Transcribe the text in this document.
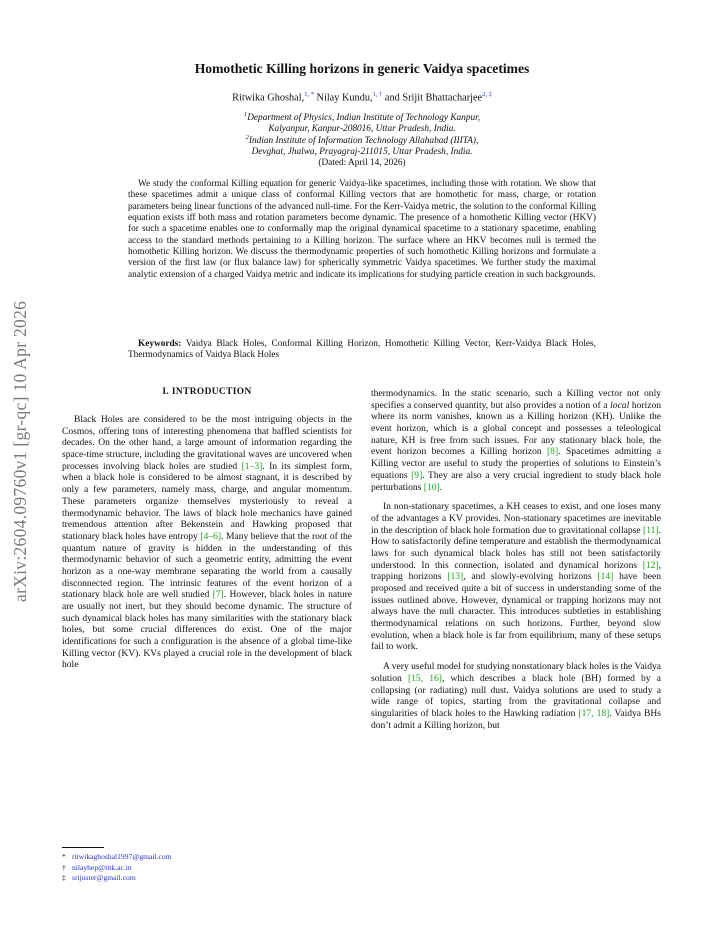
arXiv:2604.09760v1 [gr-qc] 10 Apr 2026
Homothetic Killing horizons in generic Vaidya spacetimes
Ritwika Ghoshal,$^{1, *}$ Nilay Kundu,$^{1, \dagger}$ and Srijit Bhattacharjee$^{2, \ddagger}$
$^1$Department of Physics, Indian Institute of Technology Kanpur,
Kalyanpur, Kanpur-208016, Uttar Pradesh, India.
$^2$Indian Institute of Information Technology Allahabad (IIITA),
Devghat, Jhalwa, Prayagraj-211015, Uttar Pradesh, India.
(Dated: April 14, 2026)

We study the conformal Killing equation for generic Vaidya-like spacetimes, including those with rotation. We show that these spacetimes admit a unique class of conformal Killing vectors that are homothetic for mass, charge, or rotation parameters being linear functions of the advanced null-time. For the Kerr-Vaidya metric, the solution to the conformal Killing equation exists iff both mass and rotation parameters become dynamic. The presence of a homothetic Killing vector (HKV) for such a spacetime enables one to conformally map the original dynamical spacetime to a stationary spacetime, enabling access to the standard methods pertaining to a Killing horizon. The surface where an HKV becomes null is termed the homothetic Killing horizon. We discuss the thermodynamic properties of such homothetic Killing horizons and formulate a version of the first law (or flux balance law) for spherically symmetric Vaidya spacetimes. We further study the maximal analytic extension of a charged Vaidya metric and indicate its implications for studying particle creation in such backgrounds.

Keywords: Vaidya Black Holes, Conformal Killing Horizon, Homothetic Killing Vector, Kerr-Vaidya Black Holes, Thermodynamics of Vaidya Black Holes
I. INTRODUCTION

Black Holes are considered to be the most intriguing objects in the Cosmos, offering tons of interesting phenomena that baffled scientists for decades. On the other hand, a large amount of information regarding the space-time structure, including the gravitational waves are uncovered when processes involving black holes are studied [1–3]. In its simplest form, when a black hole is considered to be almost stagnant, it is described by only a few parameters, namely mass, charge, and angular momentum. These parameters organize themselves mysteriously to reveal a thermodynamic behavior. The laws of black hole mechanics have gained tremendous attention after Bekenstein and Hawking proposed that stationary black holes have entropy [4–6]. Many believe that the root of the quantum nature of gravity is hidden in the understanding of this thermodynamic behavior of such a geometric entity, admitting the event horizon as a one-way membrane separating the world from a causally disconnected region. The intrinsic features of the event horizon of a stationary black hole are well studied [7]. However, black holes in nature are usually not inert, but they should become dynamic. The structure of such dynamical black holes has many similarities with the stationary black holes, but some crucial differences do exist. One of the major identifications for such a configuration is the absence of a global time-like Killing vector (KV). KVs played a crucial role in the development of black hole

thermodynamics. In the static scenario, such a Killing vector not only specifies a conserved quantity, but also provides a notion of a local horizon where its norm vanishes, known as a Killing horizon (KH). Unlike the event horizon, which is a global concept and possesses a teleological nature, KH is free from such issues. For any stationary black hole, the event horizon becomes a Killing horizon [8]. Spacetimes admitting a Killing vector are useful to study the properties of solutions to Einstein’s equations [9]. They are also a very crucial ingredient to study black hole perturbations [10].

In non-stationary spacetimes, a KH ceases to exist, and one loses many of the advantages a KV provides. Non-stationary spacetimes are inevitable in the description of black hole formation due to gravitational collapse [11]. How to satisfactorily define temperature and establish the thermodynamical laws for such dynamical black holes has still not been satisfactorily understood. In this connection, isolated and dynamical horizons [12], trapping horizons [13], and slowly-evolving horizons [14] have been proposed and received quite a bit of success in understanding some of the issues outlined above. However, dynamical or trapping horizons may not always have the null character. This introduces subtleties in establishing thermodynamical relations on such horizons. Further, beyond slow evolution, when a black hole is far from equilibrium, many of these setups fail to work.

A very useful model for studying nonstationary black holes is the Vaidya solution [15, 16], which describes a black hole (BH) formed by a collapsing (or radiating) null dust. Vaidya solutions are used to study a wide range of topics, starting from the gravitational collapse and singularities of black holes to the Hawking radiation [17, 18]. Vaidya BHs don’t admit a Killing horizon, but

* ritwikaghoshal1997@gmail.com
† nilayhep@iitk.ac.in
‡ srijuster@gmail.com
